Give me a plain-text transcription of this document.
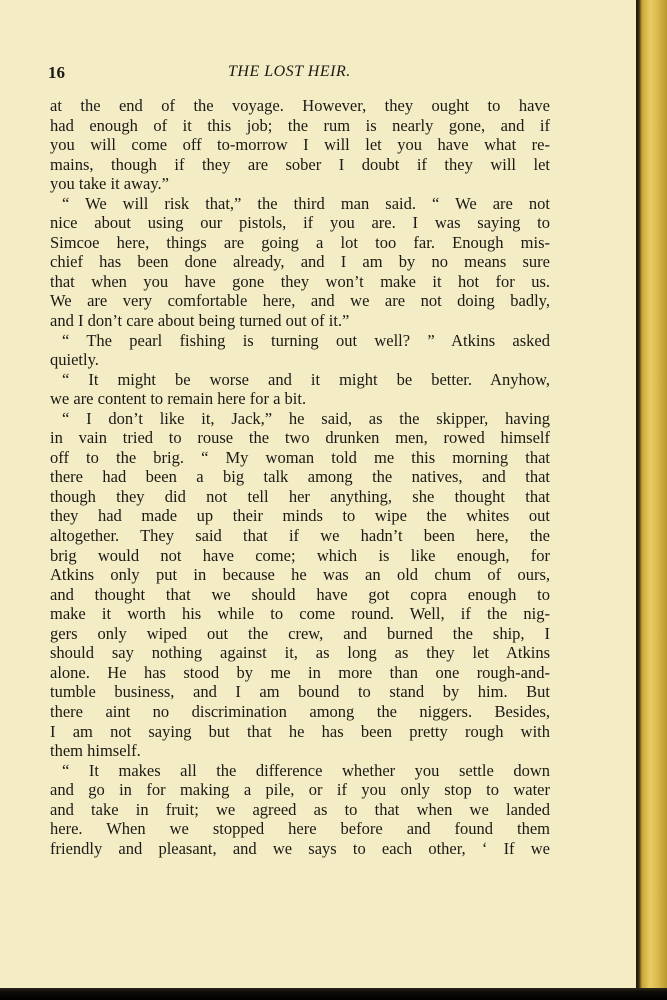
16	THE LOST HEIR.
at the end of the voyage. However, they ought to have
had enough of it this job; the rum is nearly gone, and if
you will come off to-morrow I will let you have what re-
mains, though if they are sober I doubt if they will let
you take it away.”
“ We will risk that,” the third man said. “ We are not
nice about using our pistols, if you are. I was saying to
Simcoe here, things are going a lot too far. Enough mis-
chief has been done already, and I am by no means sure
that when you have gone they won’t make it hot for us.
We are very comfortable here, and we are not doing badly,
and I don’t care about being turned out of it.”
“ The pearl fishing is turning out well? ” Atkins asked
quietly.
“ It might be worse and it might be better. Anyhow,
we are content to remain here for a bit.
“ I don’t like it, Jack,” he said, as the skipper, having
in vain tried to rouse the two drunken men, rowed himself
off to the brig. “ My woman told me this morning that
there had been a big talk among the natives, and that
though they did not tell her anything, she thought that
they had made up their minds to wipe the whites out
altogether. They said that if we hadn’t been here, the
brig would not have come; which is like enough, for
Atkins only put in because he was an old chum of ours,
and thought that we should have got copra enough to
make it worth his while to come round. Well, if the nig-
gers only wiped out the crew, and burned the ship, I
should say nothing against it, as long as they let Atkins
alone. He has stood by me in more than one rough-and-
tumble business, and I am bound to stand by him. But
there aint no discrimination among the niggers. Besides,
I am not saying but that he has been pretty rough with
them himself.
“ It makes all the difference whether you settle down
and go in for making a pile, or if you only stop to water
and take in fruit; we agreed as to that when we landed
here. When we stopped here before and found them
friendly and pleasant, and we says to each other, ‘ If we
